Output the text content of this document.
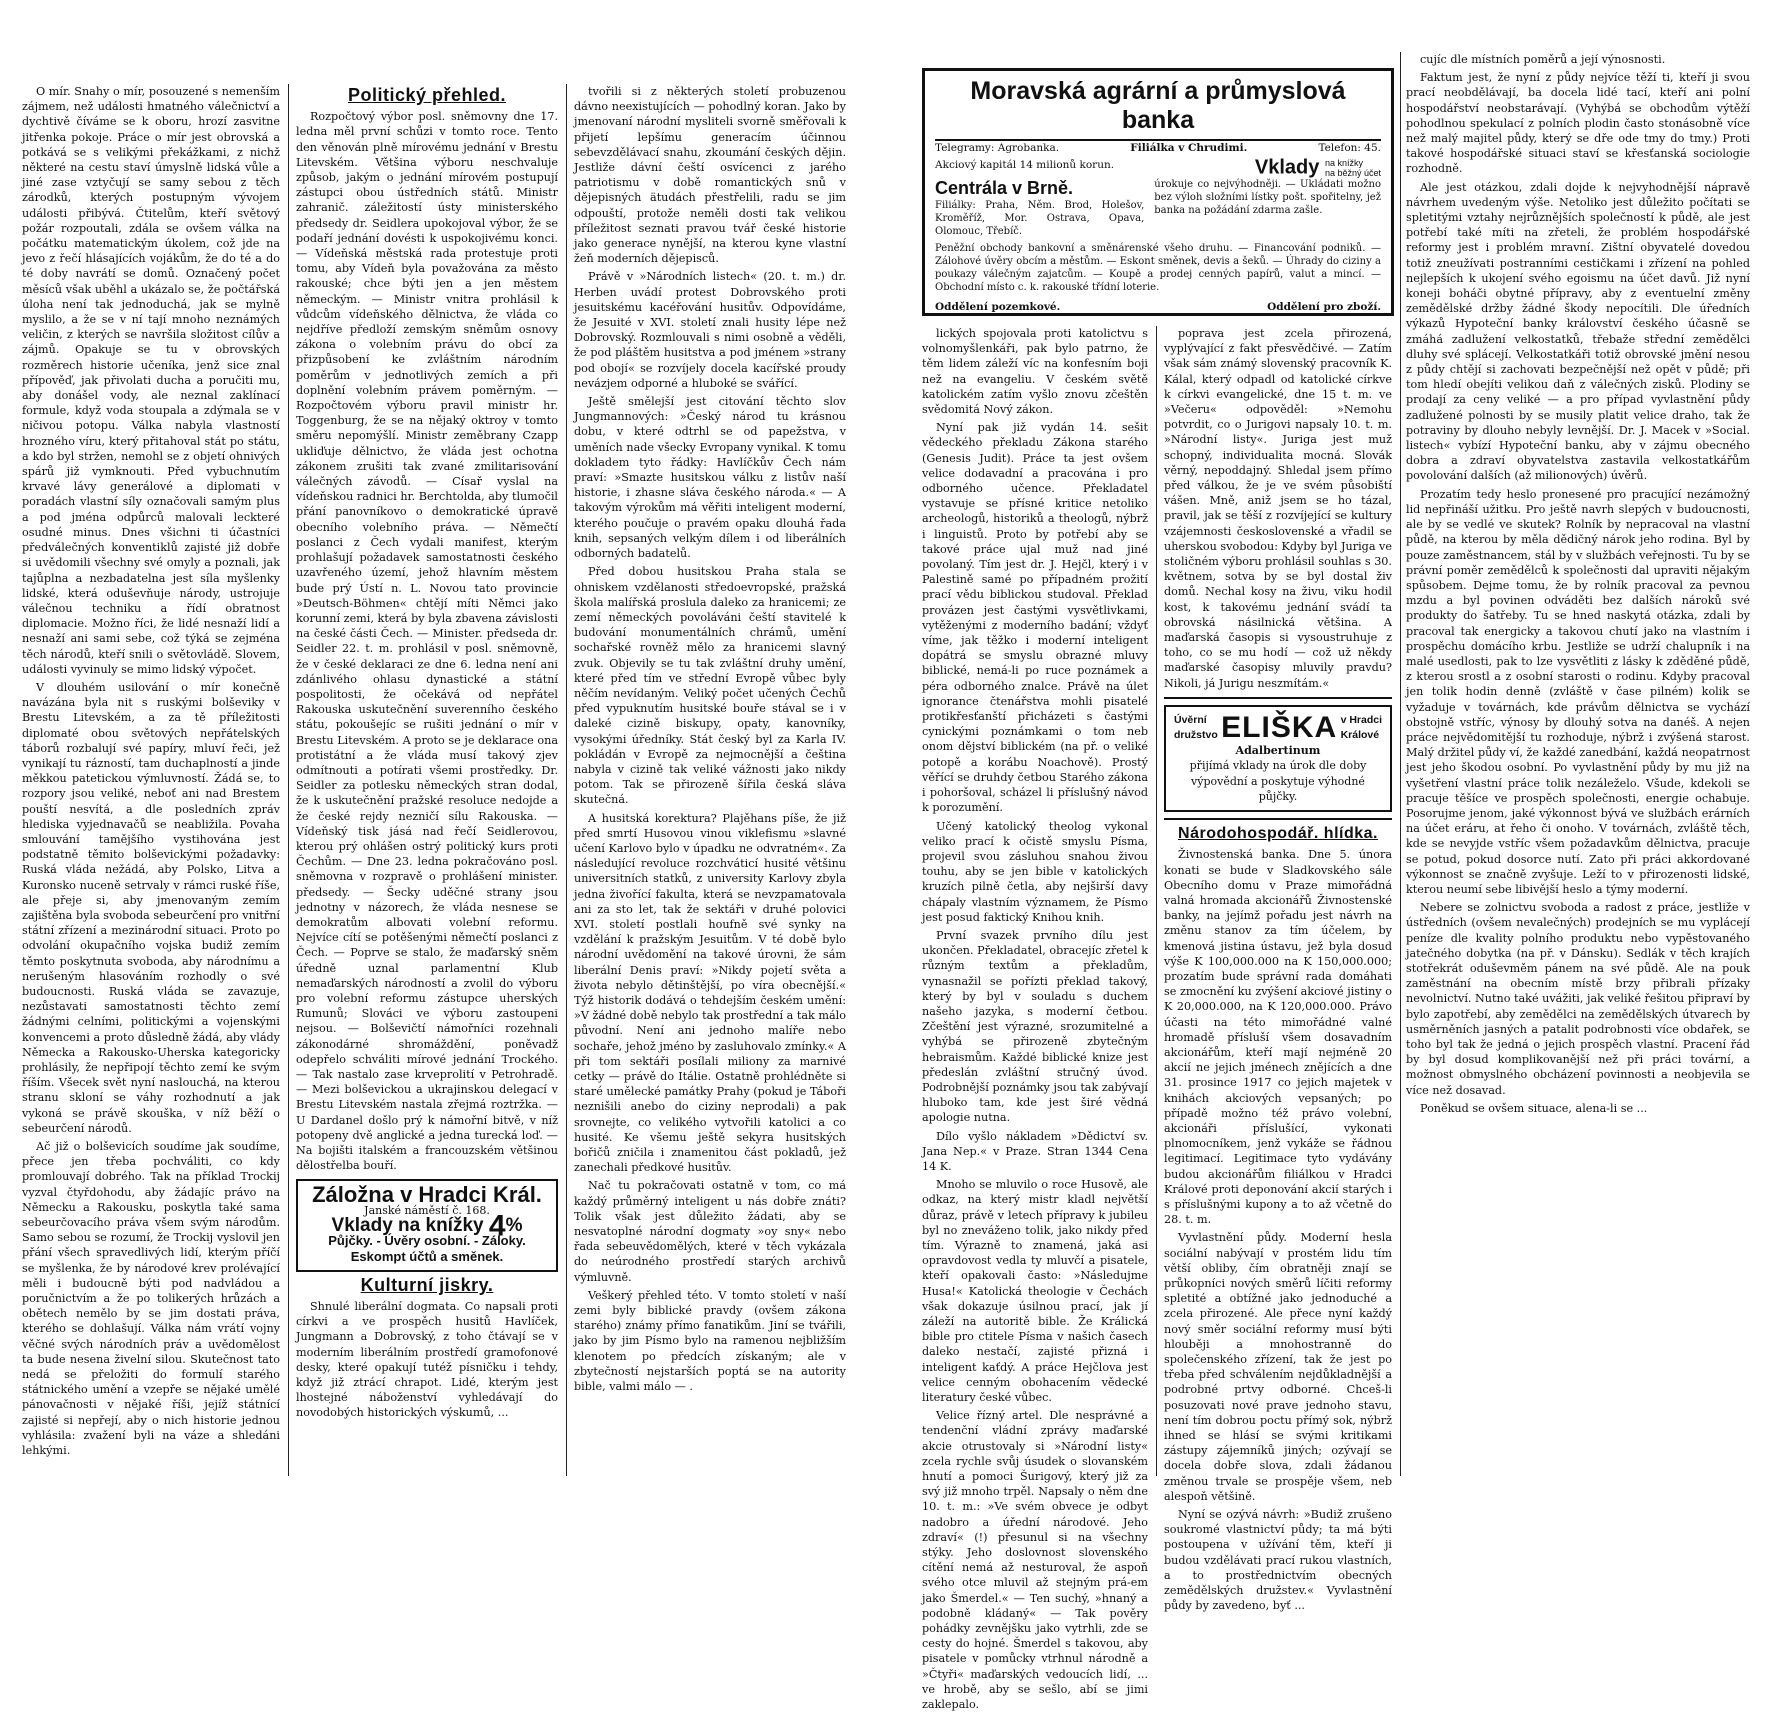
O mír. Snahy o mír, posouzené s nemenším zájmem, než události hmatného válečnictví a dychtivě číváme se k oboru, hrozí zasvitne jitřenka pokoje. Práce o mír jest obrovská a potkává se s velikými překážkami, z nichž některé na cestu staví úmyslně lidská vůle a jiné zase vztyčují se samy sebou z těch zárodků, kterých postupným vývojem události přibývá. Čtitelům, kteří světový požár rozpoutali, zdála se ovšem válka na počátku matematickým úkolem, což jde na jevo z řečí hlásajících vojákům, že do té a do té doby navrátí se domů. Označený počet měsíců však uběhl a ukázalo se, že počtářská úloha není tak jednoduchá, jak se mylně myslilo, a že se v ní tají mnoho neznámých veličin, z kterých se navršila složitost cílův a zájmů. Opakuje se tu v obrovských rozměrech historie učeníka, jenž sice znal přípověď, jak přivolati ducha a poručiti mu, aby donášel vody, ale neznal zaklínací formule, když voda stoupala a zdýmala se v ničivou potopu. Válka nabyla vlastností hrozného víru, který přitahoval stát po státu, a kdo byl stržen, nemohl se z objetí ohnivých spárů již vymknouti. Před vybuchnutím krvavé lávy generálové a diplomati v poradách vlastní síly označovali samým plus a pod jména odpůrců malovali leckteré osudné minus. Dnes všichni ti účastníci předválečných konventiklů zajisté již dobře si uvědomili všechny své omyly a poznali, jak tajůplna a nezbadatelna jest síla myšlenky lidské, která oduševňuje národy, ustrojuje válečnou techniku a řídí obratnost diplomacie. Možno říci, že lidé nesnaží lidí a nesnaží ani sami sebe, což týká se zejména těch národů, kteří snili o světovládě. Slovem, události vyvinuly se mimo lidský výpočet.

V dlouhém usilování o mír konečně navázána byla nit s ruskými bolševiky v Brestu Litevském, a za tě příležitosti diplomaté obou světových nepřátelských táborů rozbalují své papíry, mluví řeči, jež vynikají tu rázností, tam duchaplností a jinde měkkou patetickou výmluvností. Žádá se, to rozpory jsou veliké, neboť ani nad Brestem pouští nesvítá, a dle posledních zpráv hlediska vyjednavačů se neabližila. Povaha smlouvání tamějšího vystihována jest podstatně těmito bolševickými požadavky: Ruská vláda nežádá, aby Polsko, Litva a Kuronsko nuceně setrvaly v rámci ruské říše, ale přeje si, aby jmenovaným zemím zajištěna byla svoboda sebeurčení pro vnitřní státní zřízení a mezinárodní situaci. Proto po odvolání okupačního vojska budiž zemím těmto poskytnuta svoboda, aby národnímu a nerušeným hlasováním rozhodly o své budoucnosti. Ruská vláda se zavazuje, nezůstavati samostatnosti těchto zemí žádnými celními, politickými a vojenskými konvencemi a proto důsledně žádá, aby vlády Německa a Rakousko-Uherska kategoricky prohlásily, že nepřipojí těchto zemí ke svým říším. Všecek svět nyní naslouchá, na kterou stranu skloní se váhy rozhodnutí a jak vykoná se právě skouška, v níž běží o sebeurčení národů.

Ač již o bolševicích soudíme jak soudíme, přece jen třeba pochváliti, co kdy promlouvají dobrého. Tak na příklad Trockij vyzval čtyřdohodu, aby žádajíc právo na Německu a Rakousku, poskytla také sama sebeurčovacího práva všem svým národům. Samo sebou se rozumí, že Trockij vyslovil jen přání všech spravedlivých lidí, kterým příčí se myšlenka, že by národové krev prolévající měli i budoucně býti pod nadvládou a poručnictvím a že po tolikerých hrůzách a obětech nemělo by se jim dostati práva, kterého se dohlašují. Válka nám vrátí vojny věčné svých národních práv a uvědomělost ta bude nesena živelní silou. Skutečnost tato nedá se přeložiti do formulí starého státnického umění a vzepře se nějaké umělé pánovačnosti v nějaké říši, jejíž státnící zajisté si nepřejí, aby o nich historie jednou vyhlásila: zvažení byli na váze a shledáni lehkými.

Politický přehled.

Rozpočtový výbor posl. sněmovny dne 17. ledna měl první schůzi v tomto roce. Tento den věnován plně mírovému jednání v Brestu Litevském. Většina výboru neschvaluje způsob, jakým o jednání mírovém postupují zástupci obou ústředních států. Ministr zahranič. záležitostí ústy ministerského předsedy dr. Seidlera upokojoval výbor, že se podaří jednání dovésti k uspokojivému konci. — Vídeňská městská rada protestuje proti tomu, aby Vídeň byla považována za město rakouské; chce býti jen a jen městem německým. — Ministr vnitra prohlásil k vůdcům vídeňského dělnictva, že vláda co nejdříve předloží zemským sněmům osnovy zákona o volebním právu do obcí za přizpůsobení ke zvláštním národním poměrům v jednotlivých zemích a při doplnění volebním právem poměrným. — Rozpočtovém výboru pravil ministr hr. Toggenburg, že se na nějaký oktroy v tomto směru nepomýšlí. Ministr zeměbrany Czapp ukliďuje dělnictvo, že vláda jest ochotna zákonem zrušiti tak zvané zmilitarisování válečných závodů. — Císař vyslal na vídeňskou radnici hr. Berchtolda, aby tlumočil přání panovníkovo o demokratické úpravě obecního volebního práva. — Němečtí poslanci z Čech vydali manifest, kterým prohlašují požadavek samostatnosti českého uzavřeného území, jehož hlavním městem bude prý Ústí n. L. Novou tato provincie »Deutsch-Böhmen« chtějí míti Němci jako korunní zemi, která by byla zbavena závislosti na české části Čech. — Minister. předseda dr. Seidler 22. t. m. prohlásil v posl. sněmovně, že v české deklaraci ze dne 6. ledna není ani zdánlivého ohlasu dynastické a státní pospolitosti, že očekává od nepřátel Rakouska uskutečnění suverenního českého státu, pokoušejíc se rušiti jednání o mír v Brestu Litevském. A proto se je deklarace ona protistátní a že vláda musí takový zjev odmítnouti a potírati všemi prostředky. Dr. Seidler za potlesku německých stran dodal, že k uskutečnění pražské resoluce nedojde a že české rejdy nezničí sílu Rakouska. — Vídeňský tisk jásá nad řečí Seidlerovou, kterou prý ohlášen ostrý politický kurs proti Čechům. — Dne 23. ledna pokračováno posl. sněmovna v rozpravě o prohlášení minister. předsedy. — Šecky uděčné strany jsou jednotny v názorech, že vláda nesnese se demokratům albovati volební reformu. Nejvíce cítí se potěšenými němečtí poslanci z Čech. — Poprve se stalo, že maďarský sněm úředně uznal parlamentní Klub nemaďarských národností a zvolil do výboru pro volební reformu zástupce uherských Rumunů; Slováci ve výboru zastoupeni nejsou. — Bolševičtí námořníci rozehnali zákonodárné shromáždění, poněvadž odepřelo schváliti mírové jednání Trockého. — Tak nastalo zase krveprolití v Petrohradě. — Mezi bolševickou a ukrajinskou delegací v Brestu Litevském nastala zřejmá roztržka. — U Dardanel došlo prý k námořní bitvě, v níž potopeny dvě anglické a jedna turecká loď. — Na bojišti italském a francouzském většinou dělostřelba bouří.

Záložna v Hradci Král.
Janské náměstí č. 168.
Vklady na knížky 4%
Půjčky. - Úvěry osobní. - Záloky.
Eskompt účtů a směnek.
Kulturní jiskry.

Shnulé liberální dogmata. Co napsali proti církvi a ve prospěch husitů Havlíček, Jungmann a Dobrovský, z toho čtávají se v moderním liberálním prostředí gramofonové desky, které opakují tutéž písničku i tehdy, když již ztrácí chrapot. Lidé, kterým jest lhostejné náboženství vyhledávají do novodobých historických výskumů, ...

tvořili si z některých století probuzenou dávno neexistujících — pohodlný koran. Jako by jmenovaní národní mysliteli svorně směřovali k přijetí lepšímu generacím účinnou sebevzdělávací snahu, zkoumání českých dějin. Jestliže dávní čeští osvícenci z jarého patriotismu v době romantických snů v dějepisných ätudách přestřelili, radu se jim odpouští, protože neměli dosti tak velikou příležitost seznati pravou tvář české historie jako generace nynější, na kterou kyne vlastní žeň moderních dějepisců.

Právě v »Národních listech« (20. t. m.) dr. Herben uvádí protest Dobrovského proti jesuitskému kacéřování husitův. Odpovídáme, že Jesuité v XVI. století znali husity lépe než Dobrovský. Rozmlouvali s nimi osobně a věděli, že pod pláštěm husitstva a pod jménem »strany pod obojí« se rozvíjely docela kacířské proudy nevázjem odporné a hluboké se svářící.

Ještě smělejší jest citování těchto slov Jungmannových: »Český národ tu krásnou dobu, v které odtrhl se od papežstva, v uměních nade všecky Evropany vynikal. K tomu dokladem tyto řádky: Havlíčkův Čech nám praví: »Smazte husitskou válku z listův naší historie, i zhasne sláva českého národa.« — A takovým výrokům má věřiti inteligent moderní, kterého poučuje o pravém opaku dlouhá řada knih, sepsaných velkým dílem i od liberálních odborných badatelů.

Před dobou husitskou Praha stala se ohniskem vzdělanosti středoevropské, pražská škola malířská proslula daleko za hranicemi; ze zemí německých povoláváni čeští stavitelé k budování monumentálních chrámů, umění sochařské rovněž mělo za hranicemi slavný zvuk. Objevily se tu tak zvláštní druhy umění, které před tím ve střední Evropě vůbec byly něčím nevídaným. Veliký počet učených Čechů před vypuknutím husitské bouře stával se i v daleké cizině biskupy, opaty, kanovníky, vysokými úředníky. Stát český byl za Karla IV. pokládán v Evropě za nejmocnější a čeština nabyla v cizině tak veliké vážnosti jako nikdy potom. Tak se přirozeně šířila česká sláva skutečná.

A husitská korektura? Plajěhans píše, že již před smrtí Husovou vinou viklefismu »slavné učení Karlovo bylo v úpadku ne odvratném«. Za následující revoluce rozchváticí husité většinu universitních statků, z university Karlovy zbyla jedna živořící fakulta, která se nevzpamatovala ani za sto let, tak že sektáři v druhé polovici XVI. století postlali houfně své synky na vzdělání k pražským Jesuitům. V té době bylo národní uvědomění na takové úrovni, že sám liberální Denis praví: »Nikdy pojetí světa a života nebylo dětinštější, po víra obecnější.« Týž historik dodává o tehdejším českém umění: »V žádné době nebylo tak prostřední a tak málo původní. Není ani jednoho malíře nebo sochaře, jehož jméno by zasluhovalo zmínky.« A při tom sektáři posílali miliony za marnivé cetky — právě do Itálie. Ostatně prohlédněte si staré umělecké památky Prahy (pokud je Táboři neznišili anebo do ciziny neprodali) a pak srovnejte, co velikého vytvořili katolici a co husité. Ke všemu ještě sekyra husitských bořičů zničila i znamenitou část pokladů, jež zanechali předkové husitův.

Nač tu pokračovati ostatně v tom, co má každý průměrný inteligent u nás dobře znáti? Tolik však jest důležito žádati, aby se nesvatoplné národní dogmaty »oy sny« nebo řada sebeuvědomělých, které v těch vykázala do neúrodného prostředí starých archivů výmluvně.

Veškerý přehled této. V tomto století v naší zemi byly biblické pravdy (ovšem zákona starého) známy přímo fanatikům. Jiní se tvářili, jako by jim Písmo bylo na ramenou nejbližším klenotem po předcích získaným; ale v zbytečností nejstarších poptá se na autority bible, valmi málo — .

Moravská agrární a průmyslová banka
Telegramy: Agrobanka.	Filiálka v Chrudimi.	Telefon: 45.
Akciový kapitál 14 milionů korun.	Vklady na knížky
na běžný účet
Centrála v Brně.
Filiálky: Praha, Něm. Brod, Holešov, Kroměříž, Mor. Ostrava, Opava, Olomouc, Třebíč.
úrokuje co nejvýhodněji. — Ukládati možno bez výloh složními lístky pošt. spořitelny, jež banka na požádání zdarma zašle.
Peněžní obchody bankovní a směnárenské všeho druhu. — Financování podniků. — Zálohové úvěry obcím a městům. — Eskont směnek, devis a šeků. — Úhrady do ciziny a poukazy válečným zajatcům. — Koupě a prodej cenných papírů, valut a mincí. — Obchodní místo c. k. rakouské třídní loterie.
Oddělení pozemkové.	Oddělení pro zboží.

cujíc dle místních poměrů a její výnosnosti.

Faktum jest, že nyní z půdy nejvíce těží ti, kteří ji svou prací neobdělávají, ba docela lidé tací, kteří ani polní hospodářství neobstarávají. (Vyhýbá se obchodům výtěží pohodlnou spekulací z polních plodin často stonásobně více než malý majitel půdy, který se dře ode tmy do tmy.) Proti takové hospodářské situaci staví se křesťanská sociologie rozhodně.

Ale jest otázkou, zdali dojde k nejvyhodnější nápravě návrhem uvedeným výše. Netoliko jest důležito počítati se spletitými vztahy nejrůznějších společností k půdě, ale jest potřebí také míti na zřeteli, že problém hospodářské reformy jest i problém mravní. Zištní obyvatelé dovedou totiž zneužívati postranními cestičkami i zřízení na pohled nejlepších k ukojení svého egoismu na účet davů. Již nyní koneji boháči obytné přípravy, aby z eventuelní změny zemědělské držby žádné škody nepocítili. Dle úředních výkazů Hypoteční banky království českého účasně se zmáhá zadlužení velkostatků, třebaže střední zemědělci dluhy své splácejí. Velkostatkáři totiž obrovské jmění nesou z půdy chtějí si zachovati bezpečnější než opět v půdě; při tom hledí obejíti velikou daň z válečných zisků. Plodiny se prodají za ceny veliké — a pro případ vyvlastnění půdy zadlužené polnosti by se musily platit velice draho, tak že potraviny by dlouho nebyly levnější. Dr. J. Macek v »Social. listech« vybízí Hypoteční banku, aby v zájmu obecného dobra a zdraví obyvatelstva zastavila velkostatkářům povolování dalších (až milionových) úvěrů.

Prozatím tedy heslo pronesené pro pracující nezámožný lid nepřináší užitku. Pro ještě navrh slepých v budoucnosti, ale by se vedlé ve skutek? Rolník by nepracoval na vlastní půdě, na kterou by měla dědičný nárok jeho rodina. Byl by pouze zaměstnancem, stál by v službách veřejnosti. Tu by se právní poměr zemědělců k společnosti dal upraviti nějakým spůsobem. Dejme tomu, že by rolník pracoval za pevnou mzdu a byl povinen odváděti bez dalších nároků své produkty do šatřeby. Tu se hned naskytá otázka, zdali by pracoval tak energicky a takovou chutí jako na vlastním i prospěchu domácího krbu. Jestliže se udrží chalupník i na malé usedlosti, pak to lze vysvětliti z lásky k zděděné půdě, z kterou srostl a z osobní starosti o rodinu. Kdyby pracoval jen tolik hodin denně (zvláště v čase pilném) kolik se vyžaduje v továrnách, kde právům dělnictva se vychází obstojně vstříc, výnosy by dlouhý sotva na danéš. A nejen práce nejvědomitější tu rozhoduje, nýbrž i zvýšená starost. Malý držitel půdy ví, že každé zanedbání, každá neopatrnost jest jeho škodou osobní. Po vyvlastnění půdy by mu již na vyšetření vlastní práce tolik nezáleželo. Všude, kdekoli se pracuje těšíce ve prospěch společnosti, energie ochabuje. Posorujme jenom, jaké výkonnost bývá ve službách erárních na účet eráru, at řeho či onoho. V továrnách, zvláště těch, kde se nevyjde vstříc všem požadavkům dělnictva, pracuje se potud, pokud dosorce nutí. Zato při práci akkordované výkonnost se značně zvyšuje. Leží to v přirozenosti lidské, kterou neumí sebe libivější heslo a týmy moderní.

Nebere se zolnictvu svoboda a radost z práce, jestliže v ústředních (ovšem nevalečných) prodejních se mu vyplácejí peníze dle kvality polního produktu nebo vypěstovaného jatečného dobytka (na př. v Dánsku). Sedlák v těch krajích stotřekrát oduševměm pánem na své půdě. Ale na pouk zaměstnání na obecním místě brzy přibrali přízaky nevolnictví. Nutno také uvážiti, jak veliké řešitou připraví by bylo zapotřebí, aby zemědělci na zemědělských útvarech by usměrněních jasných a patalit podrobnosti více obdařek, se toho byl tak že jedná o jejich prospěch vlastní. Pracení řád by byl dosud komplikovanější než při práci tovární, a možnost obmyslného obcházení povinnosti a neobjevila se více než dosavad.

Poněkud se ovšem situace, alena-li se ...

lických spojovala proti katolictvu s volnomyšlenkáři, pak bylo patrno, že těm lidem záleží víc na konfesním boji než na evangeliu. V českém světě katolickém zatím vyšlo znovu zčeštěn svědomitá Nový zákon.

Nyní pak již vydán 14. sešit vědeckého překladu Zákona starého (Genesis Judit). Práce ta jest ovšem velice dodavadní a pracována i pro odborného učence. Překladatel vystavuje se přísné kritice netoliko archeologů, historiků a theologů, nýbrž i linguistů. Proto by potřebí aby se takové práce ujal muž nad jiné povolaný. Tím jest dr. J. Hejčl, který i v Palestině samé po případném prožití prací vědu biblickou studoval. Překlad provázen jest častými vysvětlivkami, vytěženými z moderního badání; vždyť víme, jak těžko i moderní inteligent dopátrá se smyslu obrazné mluvy biblické, nemá-li po ruce poznámek a péra odborného znalce. Právě na úlet ignorance čtenářstva mohli pisatelé protikřesťanští přicházeti s častými cynickými poznámkami o tom neb onom dějství biblickém (na př. o veliké potopě a korábu Noachově). Prostý věřící se druhdy četbou Starého zákona i pohoršoval, scházel li příslušný návod k porozumění.

Učený katolický theolog vykonal veliko prací k očistě smyslu Písma, projevil svou zásluhou snahou živou touhu, aby se jen bible v katolických kruzích pilně četla, aby nejširší davy chápaly vlastním významem, že Písmo jest posud faktický Knihou knih.

První svazek prvního dílu jest ukončen. Překladatel, obracejíc zřetel k různým textům a překladům, vynasnažil se pořízti překlad takový, který by byl v souladu s duchem našeho jazyka, s moderní četbou. Zčeštění jest výrazné, srozumitelné a vyhýbá se přirozeně zbytečným hebraismům. Každé biblické knize jest předeslán zvláštní stručný úvod. Podrobnější poznámky jsou tak zabývají hluboko tam, kde jest širé vědná apologie nutna.

Dílo vyšlo nákladem »Dědictví sv. Jana Nep.« v Praze. Stran 1344 Cena 14 K.

Mnoho se mluvilo o roce Husově, ale odkaz, na který mistr kladl největší důraz, právě v letech přípravy k jubileu byl no zneváženo tolik, jako nikdy před tím. Výrazně to znamená, jaká asi opravdovost vedla ty mluvčí a pisatele, kteří opakovali často: »Následujme Husa!« Katolická theologie v Čechách však dokazuje úsilnou prací, jak jí záleží na autoritě bible. Že Králická bible pro ctitele Písma v našich časech daleko nestačí, zajisté přizná i inteligent kaťdý. A práce Hejčlova jest velice cenným obohacením vědecké literatury české vůbec.

Velice řízný artel. Dle nesprávné a tendenční vládní zprávy maďarské akcie otrustovaly si »Národní listy« zcela rychle svůj úsudek o slovanském hnutí a pomoci Šurigový, který již za svý již mnoho trpěl. Napsaly o něm dne 10. t. m.: »Ve svém obvece je odbyt nadobro a úřední národové. Jeho zdraví« (!) přesunul si na všechny stýky. Jeho doslovnost slovenského cítění nemá až nesturoval, že aspoň svého otce mluvil až stejným prá-em jako Šmerdel.« — Ten suchý, »hnaný a podobně kládaný« — Tak pověry pohádky zevnějšku jako vytrhli, zde se cesty do hojné. Šmerdel s takovou, aby pisatele v pomůcky vtrhnul národně a »Čtyři« maďarských vedoucích lidí, ... ve hrobě, aby se sešlo, abí se jimi zaklepalo.

poprava jest zcela přirozená, vyplývající z fakt přesvědčivé. — Zatím však sám známý slovenský pracovník K. Kálal, který odpadl od katolické církve k církvi evangelické, dne 15 t. m. ve »Večeru« odpověděl: »Nemohu potvrdit, co o Jurigovi napsaly 10. t. m. »Národní listy«. Juriga jest muž schopný, individualita mocná. Slovák věrný, nepoddajný. Shledal jsem přímo před válkou, že je ve svém působiští vášen. Mně, aniž jsem se ho tázal, pravil, jak se těší z rozvíjející se kultury vzájemnosti československé a vřadil se uherskou svobodou: Kdyby byl Juriga ve stoličném výboru prohlásil souhlas s 30. květnem, sotva by se byl dostal živ domů. Nechal kosy na živu, viku hodil kost, k takovému jednání svádí ta obrovská násilnická většina. A maďarská časopis si vysoustruhuje z toho, co se mu hodí — což už někdy maďarské časopisy mluvily pravdu? Nikoli, já Jurigu neszmítám.«

Úvěrní
družstvo ELIŠKA v Hradci
Králové
Adalbertinum
přijímá vklady na úrok dle doby výpovědní a poskytuje výhodné půjčky.
Národohospodář. hlídka.

Živnostenská banka. Dne 5. února konati se bude v Sladkovského sále Obecního domu v Praze mimořádná valná hromada akcionářů Živnostenské banky, na jejímž pořadu jest návrh na změnu stanov za tím účelem, by kmenová jistina ústavu, jež byla dosud výše K 100,000.000 na K 150,000.000; prozatím bude správní rada domáhati se zmocnění ku zvýšení akciové jistiny o K 20,000.000, na K 120,000.000. Právo účasti na této mimořádné valné hromadě přísluší všem dosavadním akcionářům, kteří mají nejméně 20 akcií ne jejich jménech znějících a dne 31. prosince 1917 co jejich majetek v knihách akciových vepsaných; po případě možno též právo volební, akcionáři příslušící, vykonati plnomocníkem, jenž vykáže se řádnou legitimací. Legitimace tyto vydávány budou akcionářům filiálkou v Hradci Králové proti deponování akcií starých i s příslušnými kupony a to až včetně do 28. t. m.

Vyvlastnění půdy. Moderní hesla sociální nabývají v prostém lidu tím větší obliby, čím obratněji znají se průkopníci nových směrů líčiti reformy spletité a obtížné jako jednoduché a zcela přirozené. Ale přece nyní každý nový směr sociální reformy musí býti hlouběji a mnohostranně do společenského zřízení, tak že jest po třeba před schválením nejdůkladnější a podrobné prtvy odborné. Chceš-li posuzovati nové prave jednoho stavu, není tím dobrou poctu přímý sok, nýbrž ihned se hlásí se svými kritikami zástupy zájemníků jiných; ozývají se docela dobře slova, zdali žádanou změnou trvale se prospěje všem, neb alespoň většině.

Nyní se ozývá návrh: »Budiž zrušeno soukromé vlastnictví půdy; ta má býti postoupena v užívání těm, kteří ji budou vzdělávati prací rukou vlastních, a to prostřednictvím obecných zemědělských družstev.« Vyvlastnění půdy by zavedeno, byť ...
